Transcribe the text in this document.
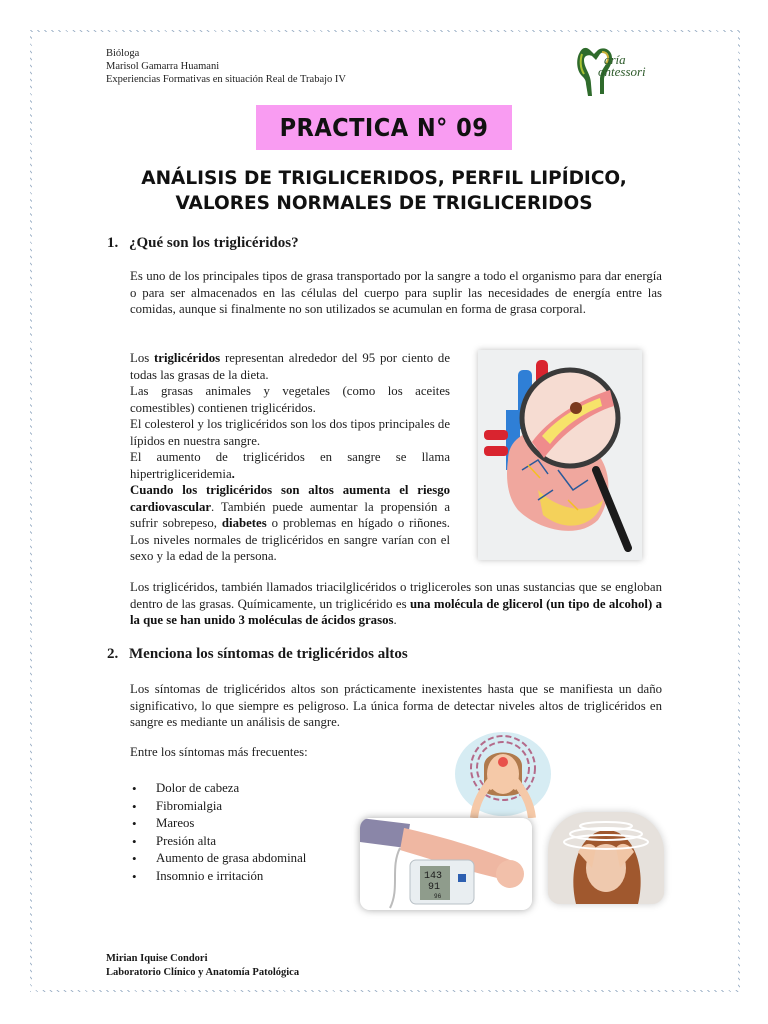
Bióloga
Marisol Gamarra Huamani
Experiencias Formativas en situación Real de Trabajo IV
aría
ontessori
PRACTICA N° 09
ANÁLISIS DE TRIGLICERIDOS, PERFIL LIPÍDICO,
VALORES NORMALES DE TRIGLICERIDOS
1. ¿Qué son los triglicéridos?

Es uno de los principales tipos de grasa transportado por la sangre a todo el organismo para dar energía o para ser almacenados en las células del cuerpo para suplir las necesidades de energía entre las comidas, aunque si finalmente no son utilizados se acumulan en forma de grasa corporal.

Los triglicéridos representan alrededor del 95 por ciento de todas las grasas de la dieta.
Las grasas animales y vegetales (como los aceites comestibles) contienen triglicéridos.
El colesterol y los triglicéridos son los dos tipos principales de lípidos en nuestra sangre.
El aumento de triglicéridos en sangre se llama hipertrigliceridemia.
Cuando los triglicéridos son altos aumenta el riesgo cardiovascular. También puede aumentar la propensión a sufrir sobrepeso, diabetes o problemas en hígado o riñones. Los niveles normales de triglicéridos en sangre varían con el sexo y la edad de la persona.
Los triglicéridos, también llamados triacilglicéridos o trigliceroles son unas sustancias que se engloban dentro de las grasas. Químicamente, un triglicérido es una molécula de glicerol (un tipo de alcohol) a la que se han unido 3 moléculas de ácidos grasos.
2. Menciona los síntomas de triglicéridos altos

Los síntomas de triglicéridos altos son prácticamente inexistentes hasta que se manifiesta un daño significativo, lo que siempre es peligroso. La única forma de detectar niveles altos de triglicéridos en sangre es mediante un análisis de sangre.

Entre los síntomas más frecuentes:

• Dolor de cabeza
• Fibromialgia
• Mareos
• Presión alta
• Aumento de grasa abdominal
• Insomnio e irritación	143
91
96
Mirian Iquise Condori
Laboratorio Clínico y Anatomía Patológica
